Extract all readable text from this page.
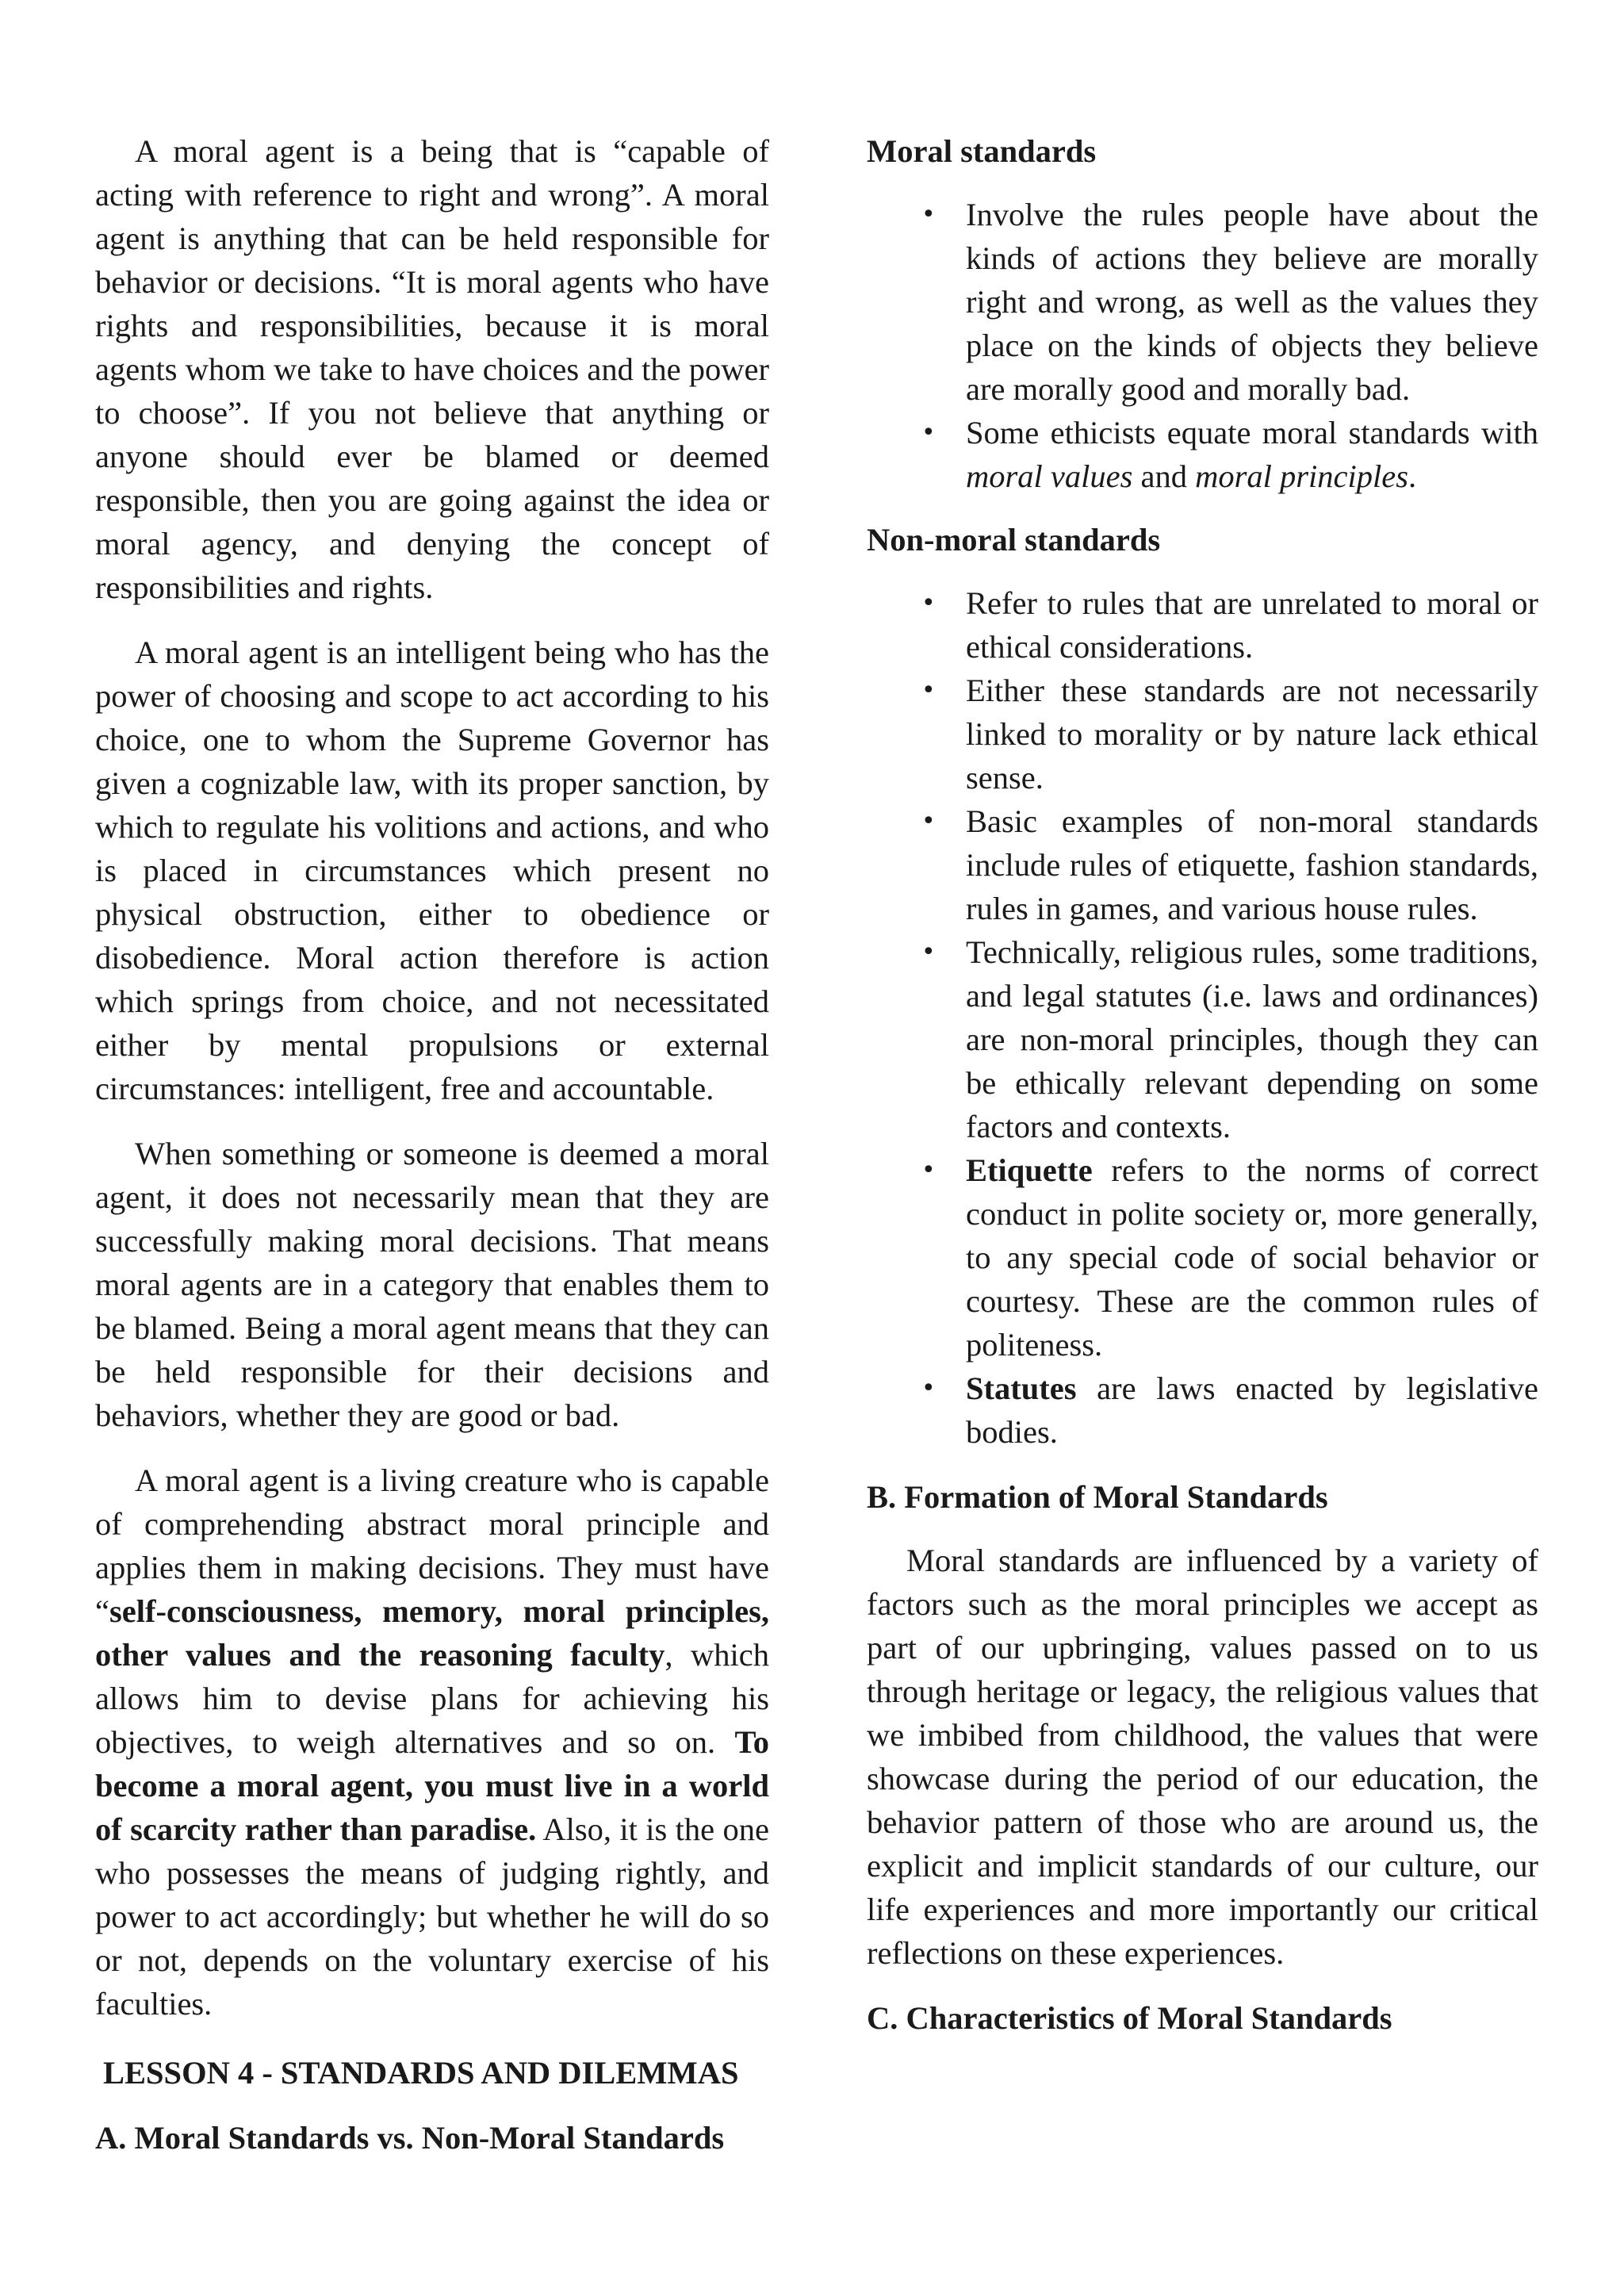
A moral agent is a being that is “capable of acting with reference to right and wrong”. A moral agent is anything that can be held responsible for behavior or decisions. “It is moral agents who have rights and responsibilities, because it is moral agents whom we take to have choices and the power to choose”. If you not believe that anything or anyone should ever be blamed or deemed responsible, then you are going against the idea or moral agency, and denying the concept of responsibilities and rights.

A moral agent is an intelligent being who has the power of choosing and scope to act according to his choice, one to whom the Supreme Governor has given a cognizable law, with its proper sanction, by which to regulate his volitions and actions, and who is placed in circumstances which present no physical obstruction, either to obedience or disobedience. Moral action therefore is action which springs from choice, and not necessitated either by mental propulsions or external circumstances: intelligent, free and accountable.

When something or someone is deemed a moral agent, it does not necessarily mean that they are successfully making moral decisions. That means moral agents are in a category that enables them to be blamed. Being a moral agent means that they can be held responsible for their decisions and behaviors, whether they are good or bad.

A moral agent is a living creature who is capable of comprehending abstract moral principle and applies them in making decisions. They must have “self-consciousness, memory, moral principles, other values and the reasoning faculty, which allows him to devise plans for achieving his objectives, to weigh alternatives and so on. To become a moral agent, you must live in a world of scarcity rather than paradise. Also, it is the one who possesses the means of judging rightly, and power to act accordingly; but whether he will do so or not, depends on the voluntary exercise of his faculties.

LESSON 4 - STANDARDS AND DILEMMAS
A. Moral Standards vs. Non-Moral Standards
Moral standards
• Involve the rules people have about the kinds of actions they believe are morally right and wrong, as well as the values they place on the kinds of objects they believe are morally good and morally bad.
• Some ethicists equate moral standards with moral values and moral principles.
Non-moral standards
• Refer to rules that are unrelated to moral or ethical considerations.
• Either these standards are not necessarily linked to morality or by nature lack ethical sense.
• Basic examples of non-moral standards include rules of etiquette, fashion standards, rules in games, and various house rules.
• Technically, religious rules, some traditions, and legal statutes (i.e. laws and ordinances) are non-moral principles, though they can be ethically relevant depending on some factors and contexts.
• Etiquette refers to the norms of correct conduct in polite society or, more generally, to any special code of social behavior or courtesy. These are the common rules of politeness.
• Statutes are laws enacted by legislative bodies.
B. Formation of Moral Standards

Moral standards are influenced by a variety of factors such as the moral principles we accept as part of our upbringing, values passed on to us through heritage or legacy, the religious values that we imbibed from childhood, the values that were showcase during the period of our education, the behavior pattern of those who are around us, the explicit and implicit standards of our culture, our life experiences and more importantly our critical reflections on these experiences.

C. Characteristics of Moral Standards
